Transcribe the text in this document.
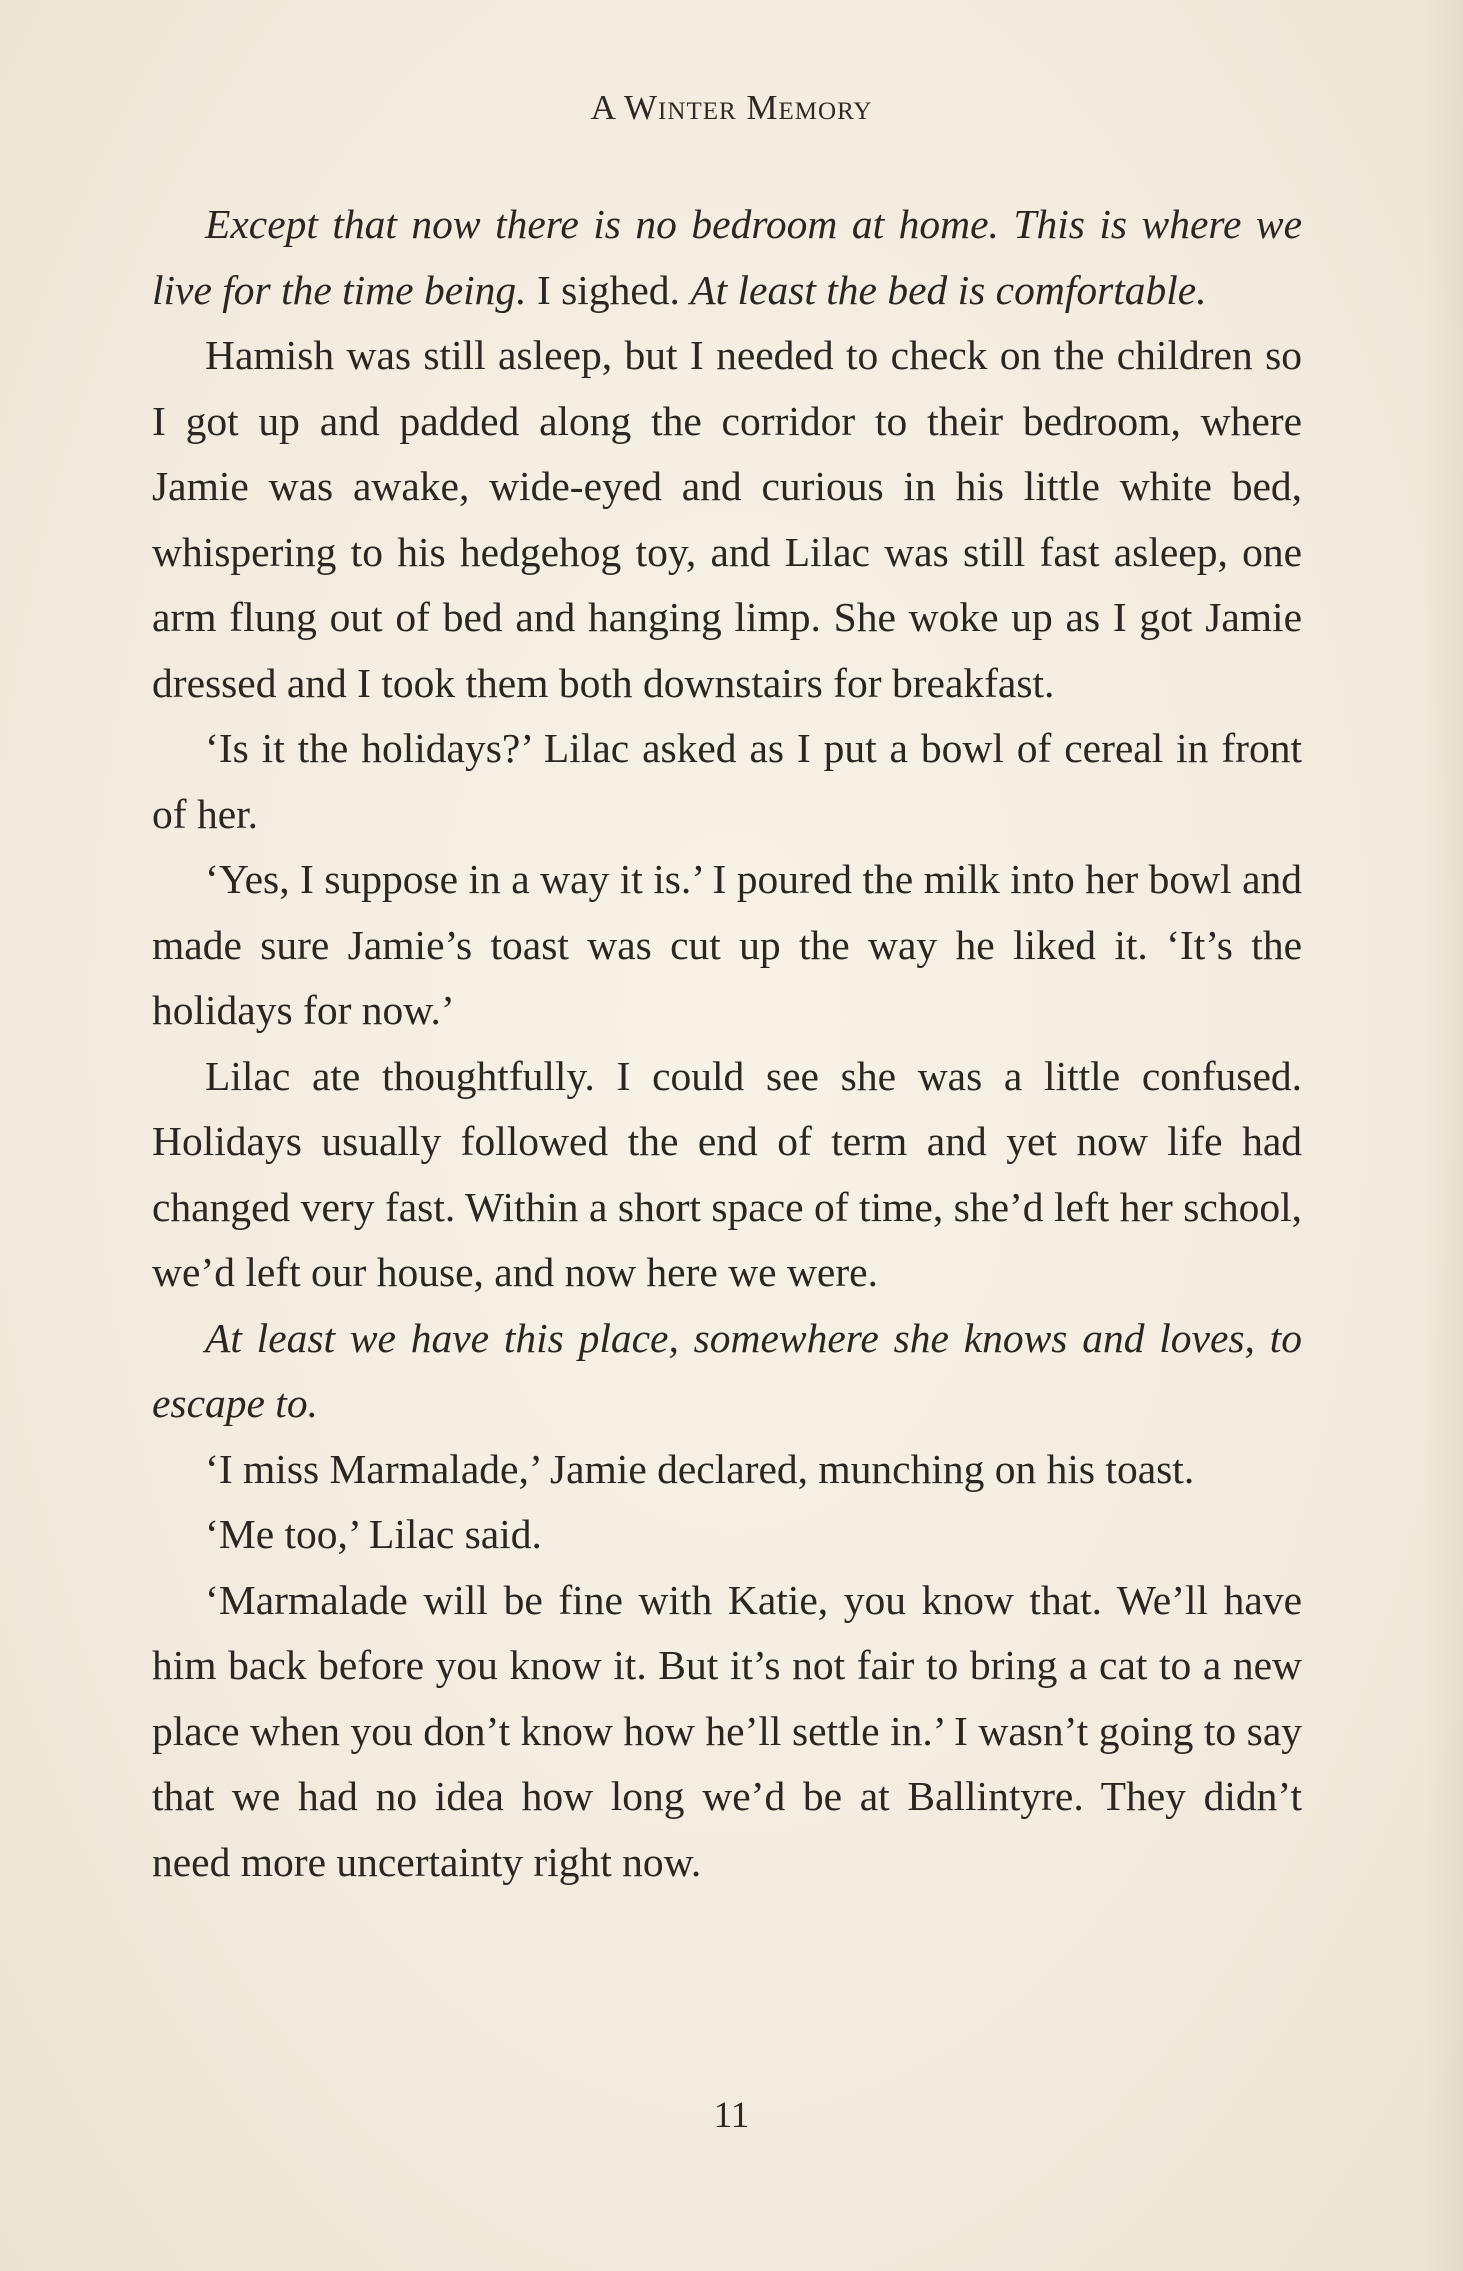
A Winter Memory

Except that now there is no bedroom at home. This is where we live for the time being. I sighed. At least the bed is comfortable.

Hamish was still asleep, but I needed to check on the children so I got up and padded along the corridor to their bedroom, where Jamie was awake, wide-eyed and curious in his little white bed, whispering to his hedgehog toy, and Lilac was still fast asleep, one arm flung out of bed and hanging limp. She woke up as I got Jamie dressed and I took them both downstairs for breakfast.

‘Is it the holidays?’ Lilac asked as I put a bowl of cereal in front of her.

‘Yes, I suppose in a way it is.’ I poured the milk into her bowl and made sure Jamie’s toast was cut up the way he liked it. ‘It’s the holidays for now.’

Lilac ate thoughtfully. I could see she was a little confused. Holidays usually followed the end of term and yet now life had changed very fast. Within a short space of time, she’d left her school, we’d left our house, and now here we were.

At least we have this place, somewhere she knows and loves, to escape to.

‘I miss Marmalade,’ Jamie declared, munching on his toast.

‘Me too,’ Lilac said.

‘Marmalade will be fine with Katie, you know that. We’ll have him back before you know it. But it’s not fair to bring a cat to a new place when you don’t know how he’ll settle in.’ I wasn’t going to say that we had no idea how long we’d be at Ballintyre. They didn’t need more uncertainty right now.

11
